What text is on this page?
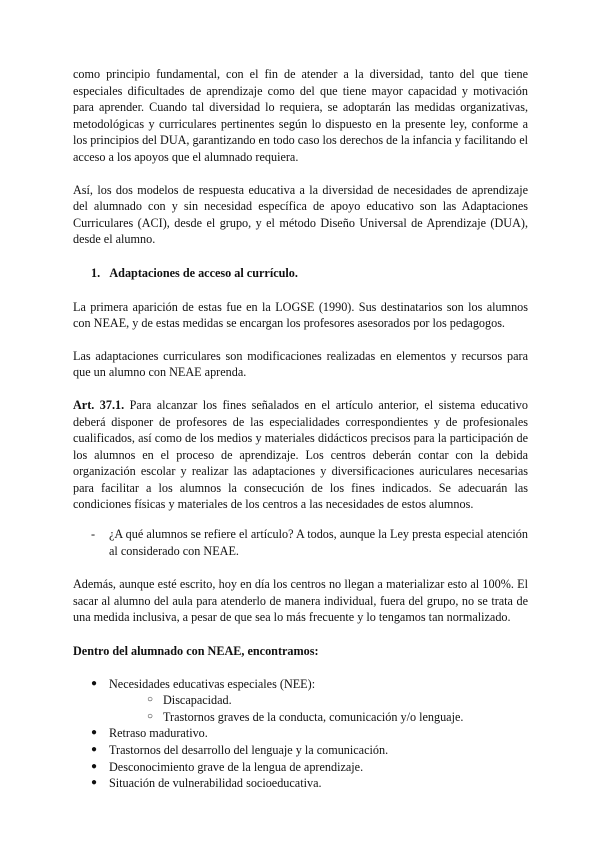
como principio fundamental, con el fin de atender a la diversidad, tanto del que tiene especiales dificultades de aprendizaje como del que tiene mayor capacidad y motivación para aprender. Cuando tal diversidad lo requiera, se adoptarán las medidas organizativas, metodológicas y curriculares pertinentes según lo dispuesto en la presente ley, conforme a los principios del DUA, garantizando en todo caso los derechos de la infancia y facilitando el acceso a los apoyos que el alumnado requiera.

Así, los dos modelos de respuesta educativa a la diversidad de necesidades de aprendizaje del alumnado con y sin necesidad específica de apoyo educativo son las Adaptaciones Curriculares (ACI), desde el grupo, y el método Diseño Universal de Aprendizaje (DUA), desde el alumno.

1. Adaptaciones de acceso al currículo.

La primera aparición de estas fue en la LOGSE (1990). Sus destinatarios son los alumnos con NEAE, y de estas medidas se encargan los profesores asesorados por los pedagogos.

Las adaptaciones curriculares son modificaciones realizadas en elementos y recursos para que un alumno con NEAE aprenda.

Art. 37.1. Para alcanzar los fines señalados en el artículo anterior, el sistema educativo deberá disponer de profesores de las especialidades correspondientes y de profesionales cualificados, así como de los medios y materiales didácticos precisos para la participación de los alumnos en el proceso de aprendizaje. Los centros deberán contar con la debida organización escolar y realizar las adaptaciones y diversificaciones auriculares necesarias para facilitar a los alumnos la consecución de los fines indicados. Se adecuarán las condiciones físicas y materiales de los centros a las necesidades de estos alumnos.

- ¿A qué alumnos se refiere el artículo? A todos, aunque la Ley presta especial atención al considerado con NEAE.

Además, aunque esté escrito, hoy en día los centros no llegan a materializar esto al 100%. El sacar al alumno del aula para atenderlo de manera individual, fuera del grupo, no se trata de una medida inclusiva, a pesar de que sea lo más frecuente y lo tengamos tan normalizado.

Dentro del alumnado con NEAE, encontramos:
● Necesidades educativas especiales (NEE):
○ Discapacidad.
○ Trastornos graves de la conducta, comunicación y/o lenguaje.
● Retraso madurativo.
● Trastornos del desarrollo del lenguaje y la comunicación.
● Desconocimiento grave de la lengua de aprendizaje.
● Situación de vulnerabilidad socioeducativa.
